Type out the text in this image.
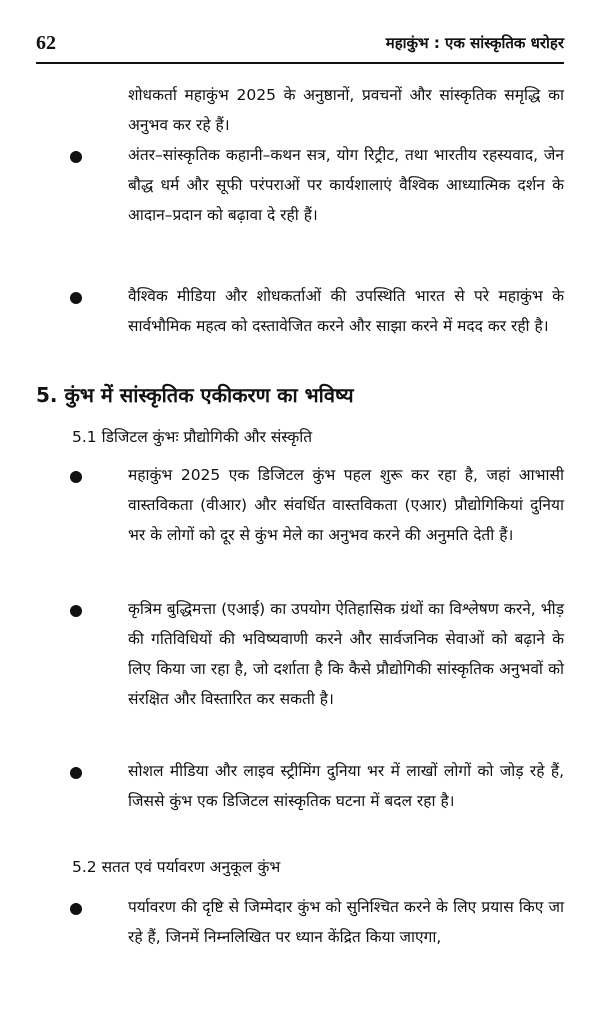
62	महाकुंभ : एक सांस्कृतिक धरोहर
शोधकर्ता महाकुंभ 2025 के अनुष्ठानों, प्रवचनों और सांस्कृतिक समृद्धि का अनुभव कर रहे हैं।
अंतर–सांस्कृतिक कहानी–कथन सत्र, योग रिट्रीट, तथा भारतीय रहस्यवाद, जेन बौद्ध धर्म और सूफी परंपराओं पर कार्यशालाएं वैश्विक आध्यात्मिक दर्शन के आदान–प्रदान को बढ़ावा दे रही हैं।
वैश्विक मीडिया और शोधकर्ताओं की उपस्थिति भारत से परे महाकुंभ के सार्वभौमिक महत्व को दस्तावेजित करने और साझा करने में मदद कर रही है।
5. कुंभ में सांस्कृतिक एकीकरण का भविष्य
5.1 डिजिटल कुंभः प्रौद्योगिकी और संस्कृति
महाकुंभ 2025 एक डिजिटल कुंभ पहल शुरू कर रहा है, जहां आभासी वास्तविकता (वीआर) और संवर्धित वास्तविकता (एआर) प्रौद्योगिकियां दुनिया भर के लोगों को दूर से कुंभ मेले का अनुभव करने की अनुमति देती हैं।
कृत्रिम बुद्धिमत्ता (एआई) का उपयोग ऐतिहासिक ग्रंथों का विश्लेषण करने, भीड़ की गतिविधियों की भविष्यवाणी करने और सार्वजनिक सेवाओं को बढ़ाने के लिए किया जा रहा है, जो दर्शाता है कि कैसे प्रौद्योगिकी सांस्कृतिक अनुभवों को संरक्षित और विस्तारित कर सकती है।
सोशल मीडिया और लाइव स्ट्रीमिंग दुनिया भर में लाखों लोगों को जोड़ रहे हैं, जिससे कुंभ एक डिजिटल सांस्कृतिक घटना में बदल रहा है।
5.2 सतत एवं पर्यावरण अनुकूल कुंभ
पर्यावरण की दृष्टि से जिम्मेदार कुंभ को सुनिश्चित करने के लिए प्रयास किए जा रहे हैं, जिनमें निम्नलिखित पर ध्यान केंद्रित किया जाएगा,
